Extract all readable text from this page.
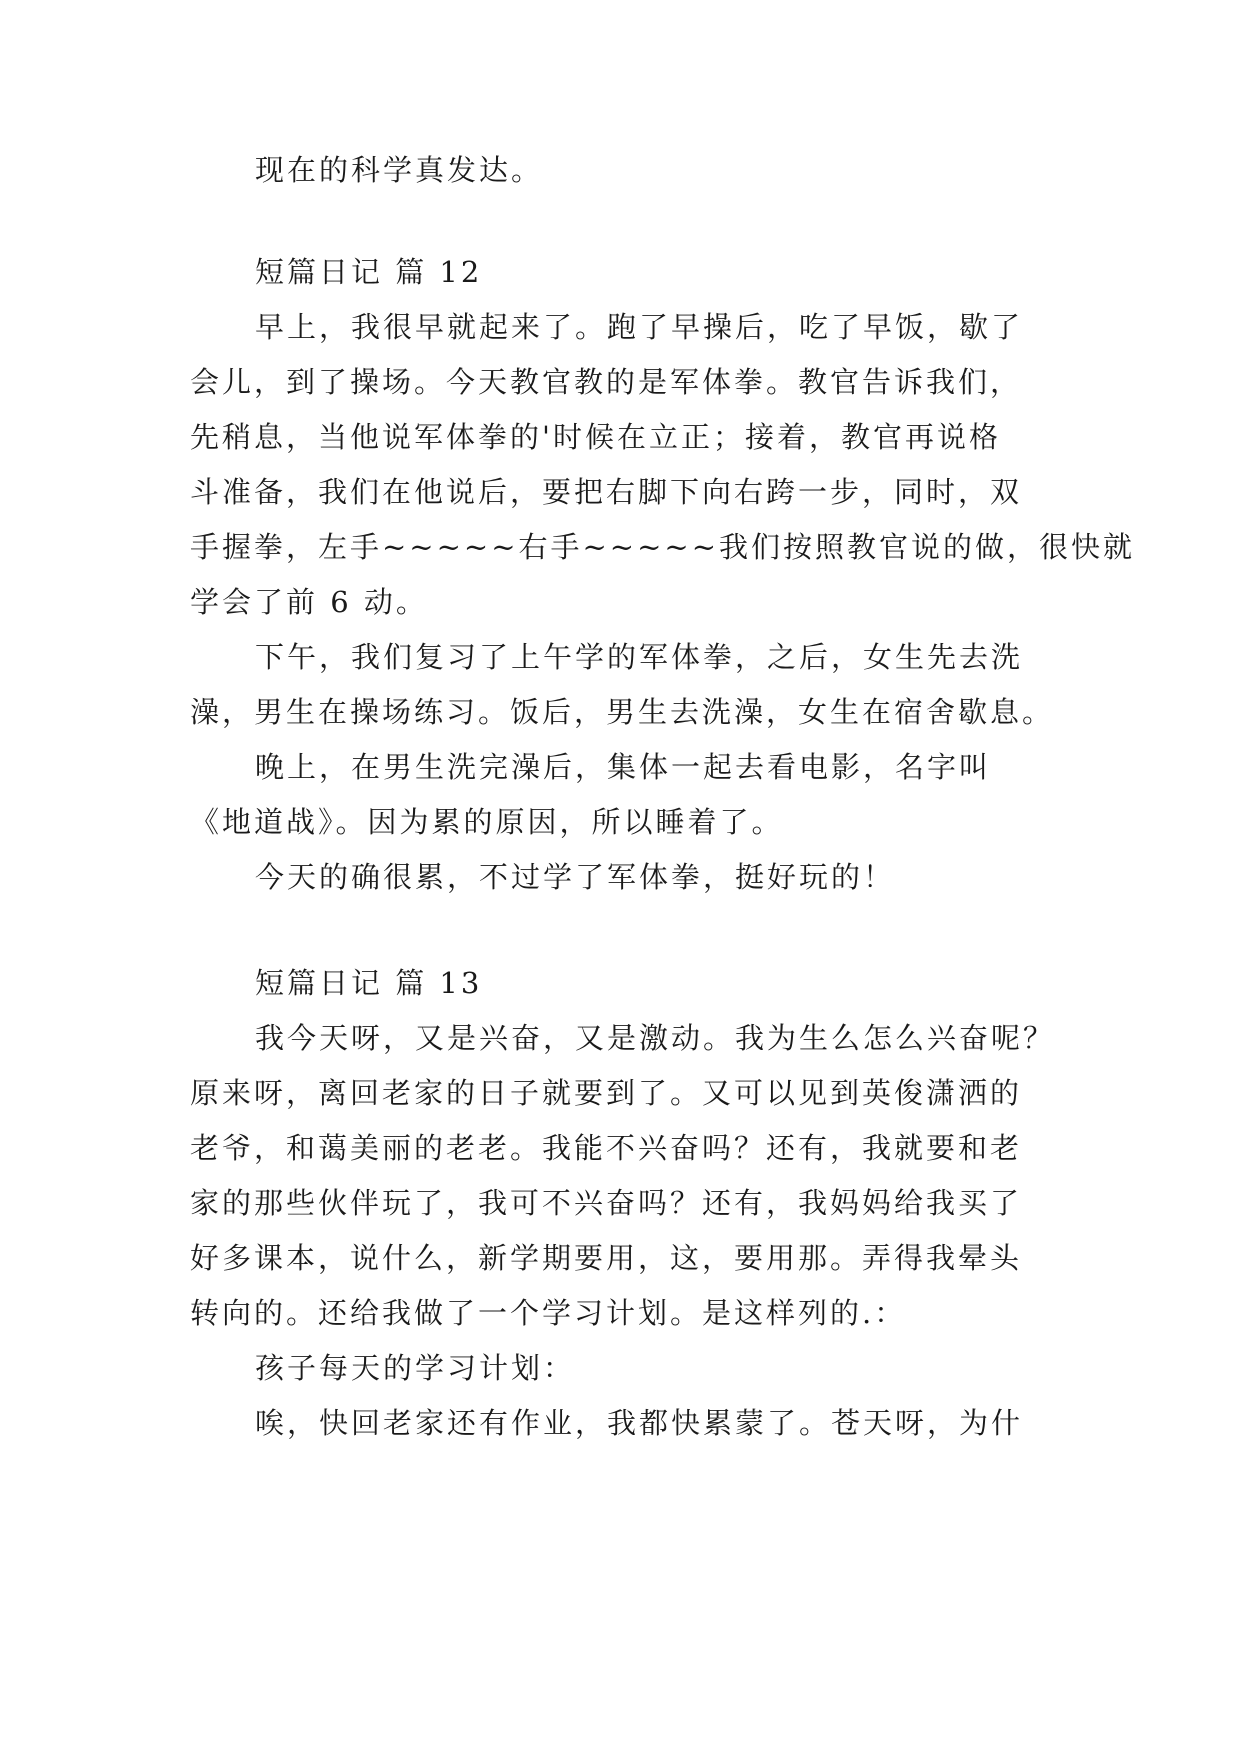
现在的科学真发达。
短篇日记 篇 12
早上，我很早就起来了。跑了早操后，吃了早饭，歇了
会儿，到了操场。今天教官教的是军体拳。教官告诉我们，
先稍息，当他说军体拳的'时候在立正；接着，教官再说格
斗准备，我们在他说后，要把右脚下向右跨一步，同时，双
手握拳，左手~~~~~右手~~~~~我们按照教官说的做，很快就
学会了前 6 动。
下午，我们复习了上午学的军体拳，之后，女生先去洗
澡，男生在操场练习。饭后，男生去洗澡，女生在宿舍歇息。
晚上，在男生洗完澡后，集体一起去看电影，名字叫
《地道战》。因为累的原因，所以睡着了。
今天的确很累，不过学了军体拳，挺好玩的！
短篇日记 篇 13
我今天呀，又是兴奋，又是激动。我为生么怎么兴奋呢？
原来呀，离回老家的日子就要到了。又可以见到英俊潇洒的
老爷，和蔼美丽的老老。我能不兴奋吗？还有，我就要和老
家的那些伙伴玩了，我可不兴奋吗？还有，我妈妈给我买了
好多课本，说什么，新学期要用，这，要用那。弄得我晕头
转向的。还给我做了一个学习计划。是这样列的.：
孩子每天的学习计划：
唉，快回老家还有作业，我都快累蒙了。苍天呀，为什
